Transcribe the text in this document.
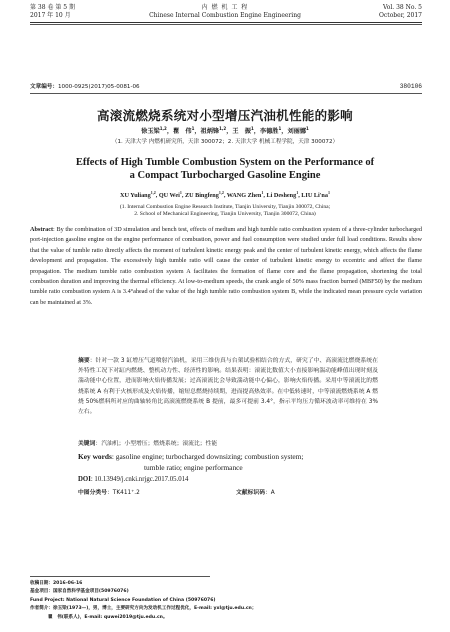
第 38 卷 第 5 期
2017 年 10 月
内 燃 机 工 程
Chinese Internal Combustion Engine Engineering
Vol. 38 No. 5
October, 2017
文章编号：1000-0925(2017)05-0081-06	380106
高滚流燃烧系统对小型增压汽油机性能的影响
徐玉梁$^{1,2}$，瞿　伟$^1$，祖炳锋$^{1,2}$，王　振$^1$，李德胜$^1$，刘丽娜$^1$
（1. 天津大学 内燃机研究所，天津 300072；2. 天津大学 机械工程学院，天津 300072）
Effects of High Tumble Combustion System on the Performance of
a Compact Turbocharged Gasoline Engine
XU Yuliang$^{1,2}$, QU Wei$^1$, ZU Bingfeng$^{1,2}$, WANG Zhen$^1$, Li Desheng$^1$, LIU $Li'na^1$
(1. Internal Combustion Engine Research Institute, Tianjin University, Tianjin 300072, China;
2. School of Mechanical Engineering, Tianjin University, Tianjin 300072, China)
Abstract: By the combination of 3D simulation and bench test, effects of medium and high tumble ratio combustion system of a three-cylinder turbocharged port-injection gasoline engine on the engine performance of combustion, power and fuel consumption were studied under full load conditions. Results show that the value of tumble ratio directly affects the moment of turbulent kinetic energy peak and the center of turbulent kinetic energy, which affects the flame development and propagation. The excessively high tumble ratio will cause the center of turbulent kinetic energy to eccentric and affect the flame propagation. The medium tumble ratio combustion system A facilitates the formation of flame core and the flame propagation, shortening the total combustion duration and improving the thermal efficiency. At low-to-medium speeds, the crank angle of 50% mass fraction burned (MBF50) by the medium tumble ratio combustion system A is 3.4°ahead of the value of the high tumble ratio combustion system B, while the indicated mean pressure cycle variation can be maintained at 3%.
摘要：针对一款 3 缸增压气道喷射汽油机，采用三维仿真与台架试验相结合的方式，研究了中、高滚流比燃烧系统在外特性工况下对缸内燃烧、整机动力性、经济性的影响。结果表明：滚流比数值大小直接影响湍动能峰值出现时刻及湍动能中心位置，进而影响火焰传播发展；过高滚流比会导致湍动能中心偏心，影响火焰传播。采用中等滚流比的燃烧系统 A 有利于火核形成及火焰传播，缩短总燃烧持续期，进而提高热效率。在中低转速时，中等滚流燃烧系统 A 燃烧 50%燃料所对应的曲轴转角比高滚流燃烧系统 B 提前，最多可提前 3.4°，指示平均压力循环波动率可维持在 3%左右。
关键词：汽油机；小型增压；燃烧系统；滚流比；性能
Key words: gasoline engine; turbocharged downsizing; combustion system;
tumble ratio; engine performance
DOI: 10.13949/j.cnki.nrjgc.2017.05.014
中图分类号：TK411⁺.2	文献标识码：A
收稿日期：2016-06-16
基金项目：国家自然科学基金项目(50976076)
Fund Project: National Natural Science Foundation of China (50976076)
作者简介：徐玉梁(1973—)，男，博士，主要研究方向为发动机工作过程优化，E-mail: yxl@tju.edu.cn；
瞿　伟(联系人)，E-mail: quwei2019@tju.edu.cn。
